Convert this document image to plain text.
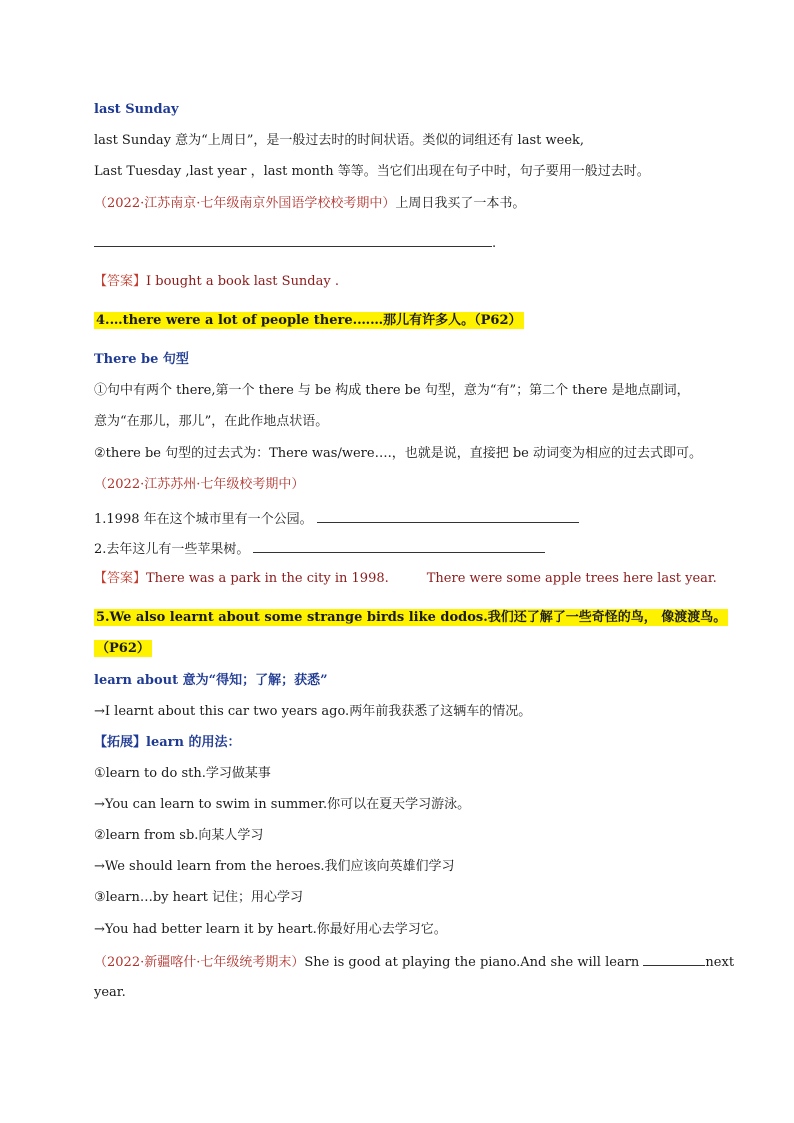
last Sunday
last Sunday 意为“上周日”，是一般过去时的时间状语。类似的词组还有 last week,
Last Tuesday ,last year ，last month 等等。当它们出现在句子中时，句子要用一般过去时。
（2022·江苏南京·七年级南京外国语学校校考期中）上周日我买了一本书。
.
【答案】I bought a book last Sunday .
4.…there were a lot of people there.……那儿有许多人。（P62）
There be 句型
①句中有两个 there,第一个 there 与 be 构成 there be 句型，意为“有”；第二个 there 是地点副词，
意为“在那儿，那儿”，在此作地点状语。
②there be 句型的过去式为：There was/were….，也就是说，直接把 be 动词变为相应的过去式即可。
（2022·江苏苏州·七年级校考期中）
1.1998 年在这个城市里有一个公园。
2.去年这儿有一些苹果树。
【答案】There was a park in the city in 1998.	There were some apple trees here last year.
5.We also learnt about some strange birds like dodos.我们还了解了一些奇怪的鸟， 像渡渡鸟。
（P62）
learn about 意为“得知；了解；获悉”
→I learnt about this car two years ago.两年前我获悉了这辆车的情况。
【拓展】learn 的用法：
①learn to do sth.学习做某事
→You can learn to swim in summer.你可以在夏天学习游泳。
②learn from sb.向某人学习
→We should learn from the heroes.我们应该向英雄们学习
③learn…by heart 记住；用心学习
→You had better learn it by heart.你最好用心去学习它。
（2022·新疆喀什·七年级统考期末）She is good at playing the piano.And she will learn	next
year.
